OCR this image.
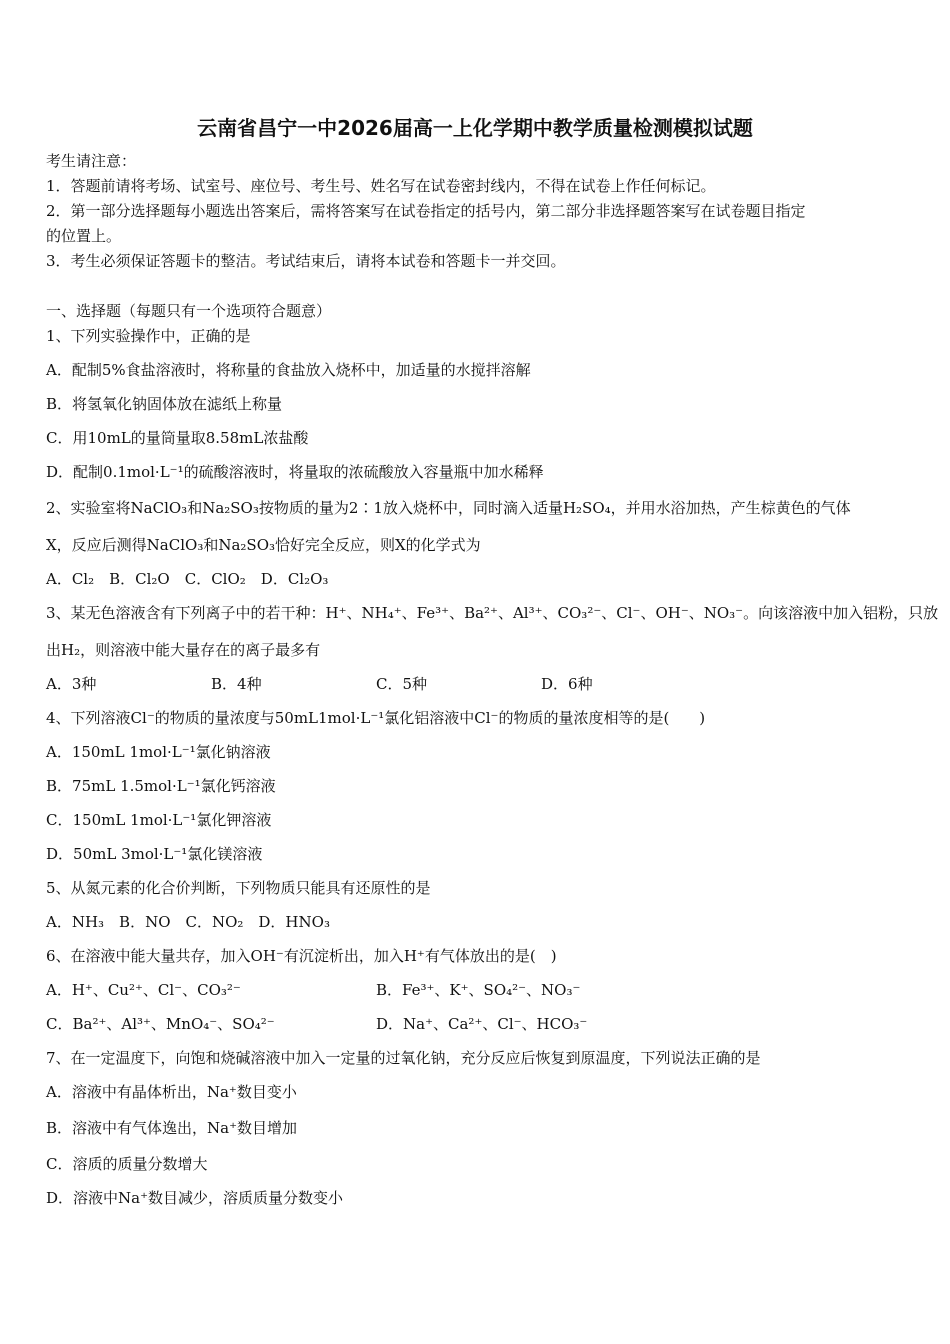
云南省昌宁一中2026届高一上化学期中教学质量检测模拟试题
考生请注意：
1．答题前请将考场、试室号、座位号、考生号、姓名写在试卷密封线内，不得在试卷上作任何标记。
2．第一部分选择题每小题选出答案后，需将答案写在试卷指定的括号内，第二部分非选择题答案写在试卷题目指定
的位置上。
3．考生必须保证答题卡的整洁。考试结束后，请将本试卷和答题卡一并交回。
一、选择题（每题只有一个选项符合题意）
1、下列实验操作中，正确的是
A．配制5%食盐溶液时，将称量的食盐放入烧杯中，加适量的水搅拌溶解
B．将氢氧化钠固体放在滤纸上称量
C．用10mL的量筒量取8.58mL浓盐酸
D．配制0.1mol·L⁻¹的硫酸溶液时，将量取的浓硫酸放入容量瓶中加水稀释
2、实验室将NaClO₃和Na₂SO₃按物质的量为2∶1放入烧杯中，同时滴入适量H₂SO₄，并用水浴加热，产生棕黄色的气体
X，反应后测得NaClO₃和Na₂SO₃恰好完全反应，则X的化学式为
A．Cl₂　B．Cl₂O　C．ClO₂　D．Cl₂O₃
3、某无色溶液含有下列离子中的若干种：H⁺、NH₄⁺、Fe³⁺、Ba²⁺、Al³⁺、CO₃²⁻、Cl⁻、OH⁻、NO₃⁻。向该溶液中加入铝粉，只放
出H₂，则溶液中能大量存在的离子最多有
A．3种	B．4种	C．5种	D．6种
4、下列溶液Cl⁻的物质的量浓度与50mL1mol·L⁻¹氯化铝溶液中Cl⁻的物质的量浓度相等的是(　　)
A．150mL 1mol·L⁻¹氯化钠溶液
B．75mL 1.5mol·L⁻¹氯化钙溶液
C．150mL 1mol·L⁻¹氯化钾溶液
D．50mL 3mol·L⁻¹氯化镁溶液
5、从氮元素的化合价判断，下列物质只能具有还原性的是
A．NH₃　B．NO　C．NO₂　D．HNO₃
6、在溶液中能大量共存，加入OH⁻有沉淀析出，加入H⁺有气体放出的是(　)
A．H⁺、Cu²⁺、Cl⁻、CO₃²⁻	B．Fe³⁺、K⁺、SO₄²⁻、NO₃⁻
C．Ba²⁺、Al³⁺、MnO₄⁻、SO₄²⁻	D．Na⁺、Ca²⁺、Cl⁻、HCO₃⁻
7、在一定温度下，向饱和烧碱溶液中加入一定量的过氧化钠，充分反应后恢复到原温度，下列说法正确的是
A．溶液中有晶体析出，Na⁺数目变小
B．溶液中有气体逸出，Na⁺数目增加
C．溶质的质量分数增大
D．溶液中Na⁺数目减少，溶质质量分数变小
